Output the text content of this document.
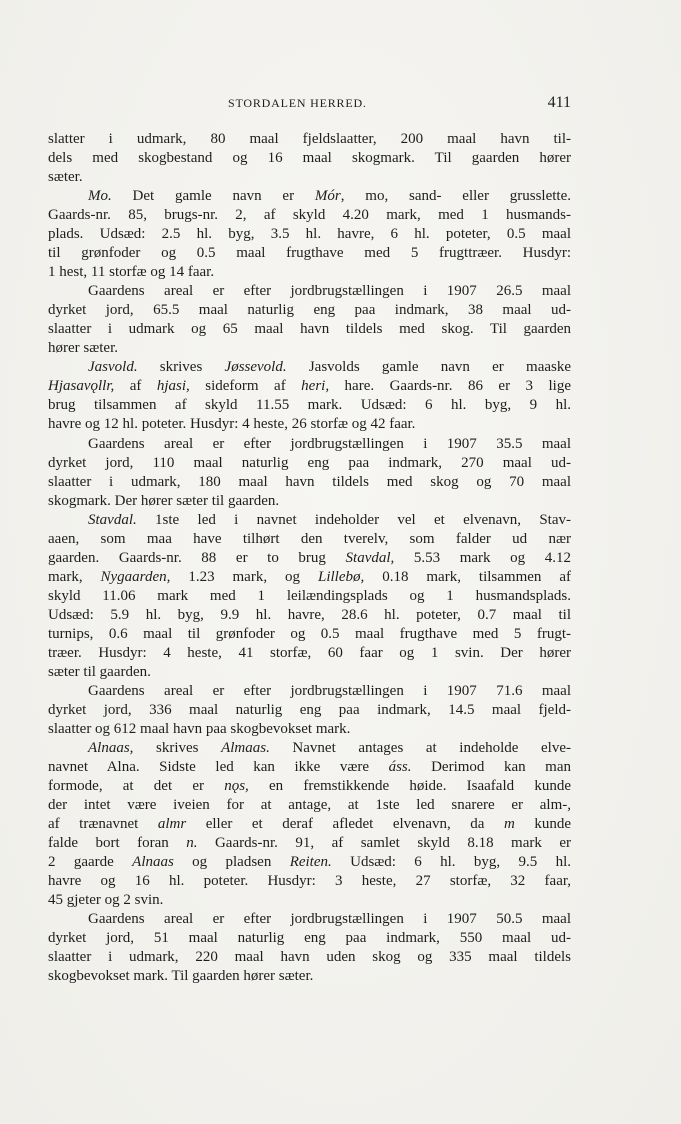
STORDALEN HERRED.	411
slatter i udmark, 80 maal fjeldslaatter, 200 maal havn til-
dels med skogbestand og 16 maal skogmark. Til gaarden hører
sæter.
Mo. Det gamle navn er Mór, mo, sand- eller grusslette.
Gaards-nr. 85, brugs-nr. 2, af skyld 4.20 mark, med 1 husmands-
plads. Udsæd: 2.5 hl. byg, 3.5 hl. havre, 6 hl. poteter, 0.5 maal
til grønfoder og 0.5 maal frugthave med 5 frugttræer. Husdyr:
1 hest, 11 storfæ og 14 faar.
Gaardens areal er efter jordbrugstællingen i 1907 26.5 maal
dyrket jord, 65.5 maal naturlig eng paa indmark, 38 maal ud-
slaatter i udmark og 65 maal havn tildels med skog. Til gaarden
hører sæter.
Jasvold. skrives Jøssevold. Jasvolds gamle navn er maaske
Hjasavǫllr, af hjasi, sideform af heri, hare. Gaards-nr. 86 er 3 lige
brug tilsammen af skyld 11.55 mark. Udsæd: 6 hl. byg, 9 hl.
havre og 12 hl. poteter. Husdyr: 4 heste, 26 storfæ og 42 faar.
Gaardens areal er efter jordbrugstællingen i 1907 35.5 maal
dyrket jord, 110 maal naturlig eng paa indmark, 270 maal ud-
slaatter i udmark, 180 maal havn tildels med skog og 70 maal
skogmark. Der hører sæter til gaarden.
Stavdal. 1ste led i navnet indeholder vel et elvenavn, Stav-
aaen, som maa have tilhørt den tverelv, som falder ud nær
gaarden. Gaards-nr. 88 er to brug Stavdal, 5.53 mark og 4.12
mark, Nygaarden, 1.23 mark, og Lillebø, 0.18 mark, tilsammen af
skyld 11.06 mark med 1 leilændingsplads og 1 husmandsplads.
Udsæd: 5.9 hl. byg, 9.9 hl. havre, 28.6 hl. poteter, 0.7 maal til
turnips, 0.6 maal til grønfoder og 0.5 maal frugthave med 5 frugt-
træer. Husdyr: 4 heste, 41 storfæ, 60 faar og 1 svin. Der hører
sæter til gaarden.
Gaardens areal er efter jordbrugstællingen i 1907 71.6 maal
dyrket jord, 336 maal naturlig eng paa indmark, 14.5 maal fjeld-
slaatter og 612 maal havn paa skogbevokset mark.
Alnaas, skrives Almaas. Navnet antages at indeholde elve-
navnet Alna. Sidste led kan ikke være áss. Derimod kan man
formode, at det er nǫs, en fremstikkende høide. Isaafald kunde
der intet være iveien for at antage, at 1ste led snarere er alm-,
af trænavnet almr eller et deraf afledet elvenavn, da m kunde
falde bort foran n. Gaards-nr. 91, af samlet skyld 8.18 mark er
2 gaarde Alnaas og pladsen Reiten. Udsæd: 6 hl. byg, 9.5 hl.
havre og 16 hl. poteter. Husdyr: 3 heste, 27 storfæ, 32 faar,
45 gjeter og 2 svin.
Gaardens areal er efter jordbrugstællingen i 1907 50.5 maal
dyrket jord, 51 maal naturlig eng paa indmark, 550 maal ud-
slaatter i udmark, 220 maal havn uden skog og 335 maal tildels
skogbevokset mark. Til gaarden hører sæter.
